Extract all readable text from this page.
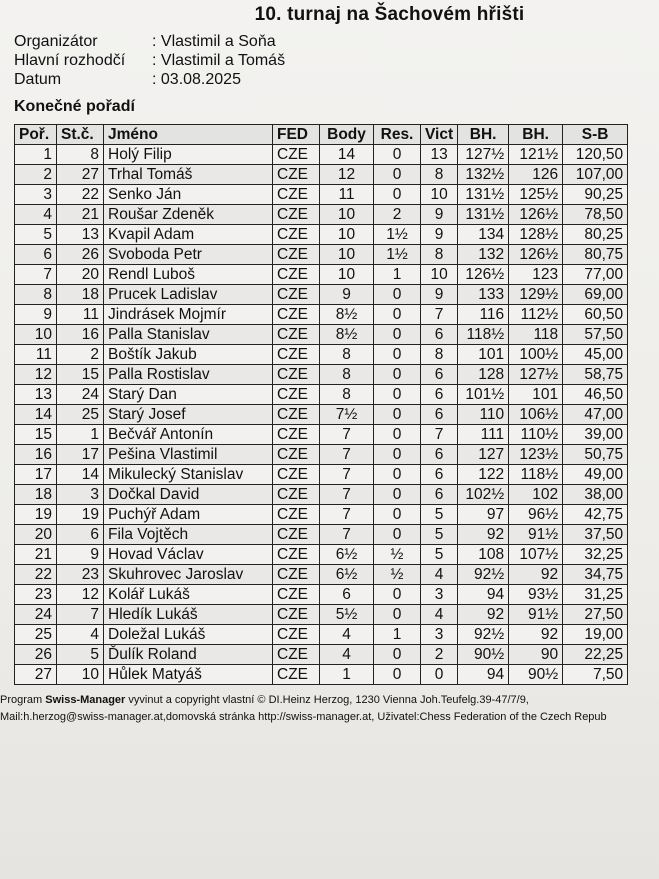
10. turnaj na Šachovém hřišti
Organizátor	: Vlastimil a Soňa
Hlavní rozhodčí	: Vlastimil a Tomáš
Datum	: 03.08.2025
Konečné pořadí
Poř.	St.č.	Jméno	FED	Body	Res.	Vict	BH.	BH.	S-B
1	8	Holý Filip	CZE	14	0	13	127½	121½	120,50
2	27	Trhal Tomáš	CZE	12	0	8	132½	126	107,00
3	22	Senko Ján	CZE	11	0	10	131½	125½	90,25
4	21	Roušar Zdeněk	CZE	10	2	9	131½	126½	78,50
5	13	Kvapil Adam	CZE	10	1½	9	134	128½	80,25
6	26	Svoboda Petr	CZE	10	1½	8	132	126½	80,75
7	20	Rendl Luboš	CZE	10	1	10	126½	123	77,00
8	18	Prucek Ladislav	CZE	9	0	9	133	129½	69,00
9	11	Jindrásek Mojmír	CZE	8½	0	7	116	112½	60,50
10	16	Palla Stanislav	CZE	8½	0	6	118½	118	57,50
11	2	Boštík Jakub	CZE	8	0	8	101	100½	45,00
12	15	Palla Rostislav	CZE	8	0	6	128	127½	58,75
13	24	Starý Dan	CZE	8	0	6	101½	101	46,50
14	25	Starý Josef	CZE	7½	0	6	110	106½	47,00
15	1	Bečvář Antonín	CZE	7	0	7	111	110½	39,00
16	17	Pešina Vlastimil	CZE	7	0	6	127	123½	50,75
17	14	Mikulecký Stanislav	CZE	7	0	6	122	118½	49,00
18	3	Dočkal David	CZE	7	0	6	102½	102	38,00
19	19	Puchýř Adam	CZE	7	0	5	97	96½	42,75
20	6	Fila Vojtěch	CZE	7	0	5	92	91½	37,50
21	9	Hovad Václav	CZE	6½	½	5	108	107½	32,25
22	23	Skuhrovec Jaroslav	CZE	6½	½	4	92½	92	34,75
23	12	Kolář Lukáš	CZE	6	0	3	94	93½	31,25
24	7	Hledík Lukáš	CZE	5½	0	4	92	91½	27,50
25	4	Doležal Lukáš	CZE	4	1	3	92½	92	19,00
26	5	Ďulík Roland	CZE	4	0	2	90½	90	22,25
27	10	Hůlek Matyáš	CZE	1	0	0	94	90½	7,50
Program Swiss-Manager vyvinut a copyright vlastní © DI.Heinz Herzog, 1230 Vienna Joh.Teufelg.39-47/7/9,
Mail:h.herzog@swiss-manager.at,domovská stránka http://swiss-manager.at, Uživatel:Chess Federation of the Czech Repub
